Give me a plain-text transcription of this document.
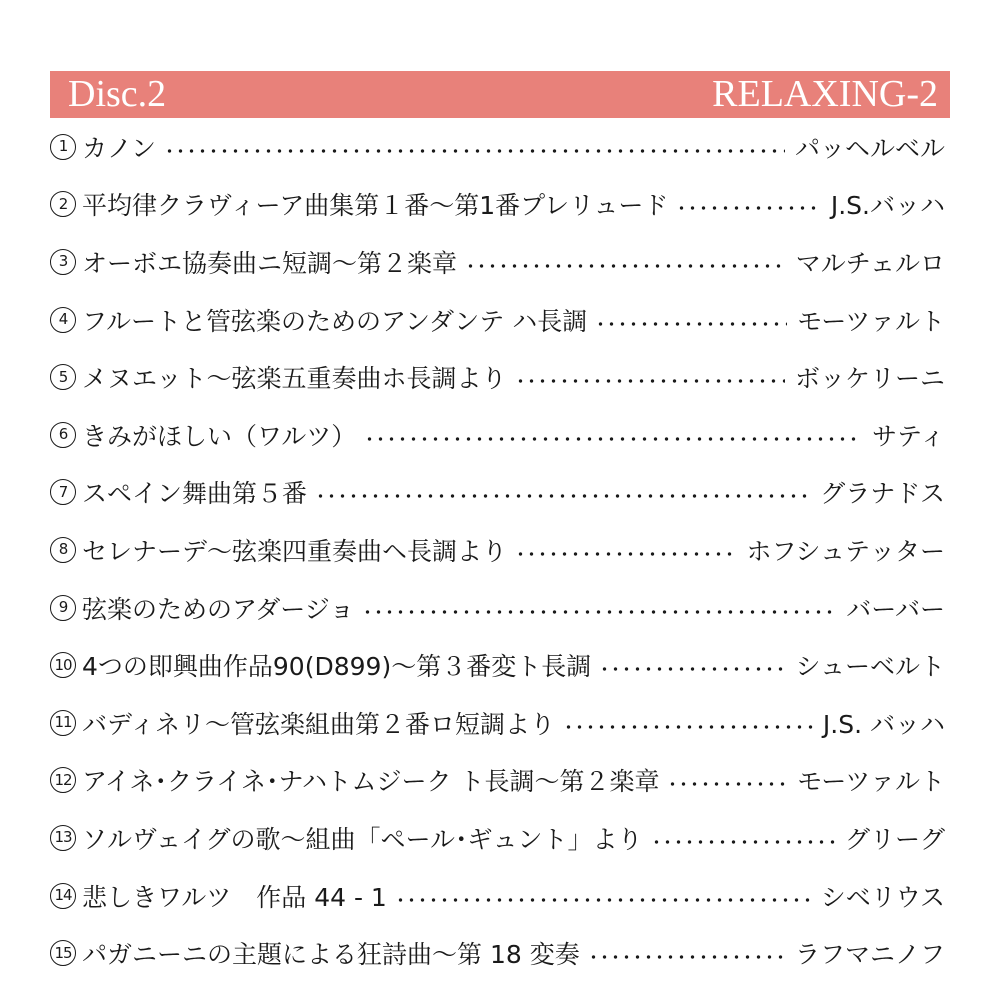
Disc.2	RELAXING-2
1 カノン	パッヘルベル
2 平均律クラヴィーア曲集第１番～第1番プレリュード	J.S.バッハ
3 オーボエ協奏曲ニ短調～第２楽章	マルチェルロ
4 フルートと管弦楽のためのアンダンテ ハ長調	モーツァルト
5 メヌエット～弦楽五重奏曲ホ長調より	ボッケリーニ
6 きみがほしい（ワルツ）	サティ
7 スペイン舞曲第５番	グラナドス
8 セレナーデ～弦楽四重奏曲ヘ長調より	ホフシュテッター
9 弦楽のためのアダージョ	バーバー
10 4つの即興曲作品90(D899)～第３番変ト長調	シューベルト
11 バディネリ～管弦楽組曲第２番ロ短調より	J.S. バッハ
12 アイネ･クライネ･ナハトムジーク ト長調～第２楽章	モーツァルト
13 ソルヴェイグの歌～組曲「ペール･ギュント」より	グリーグ
14 悲しきワルツ　作品 44 - 1	シベリウス
15 パガニーニの主題による狂詩曲～第 18 変奏	ラフマニノフ
